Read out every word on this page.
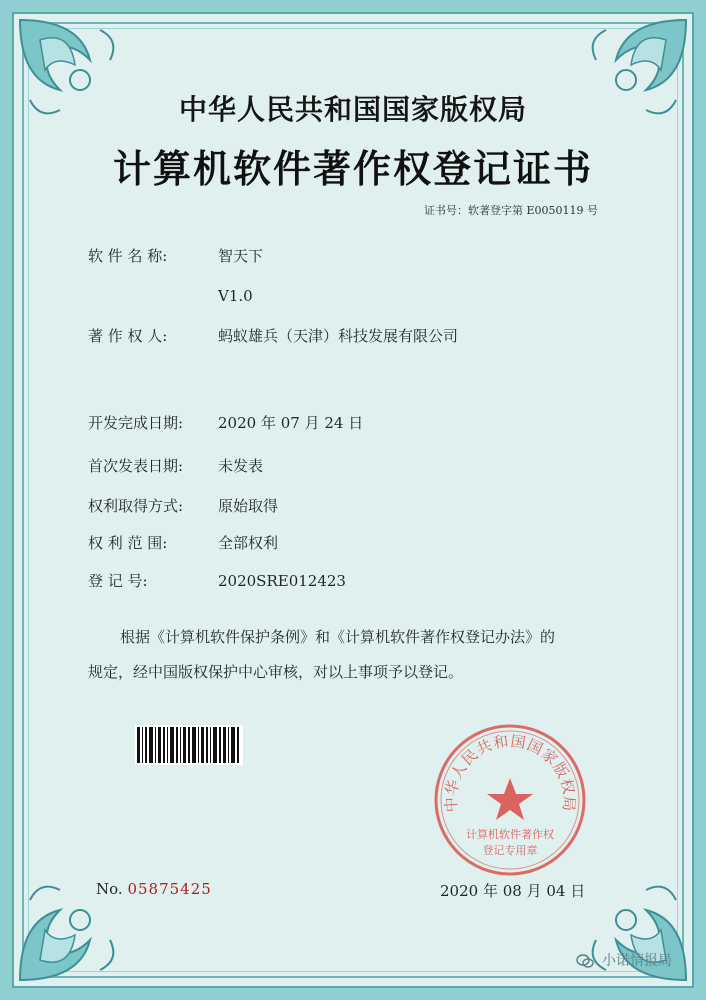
中华人民共和国国家版权局
计算机软件著作权登记证书
证书号：软著登字第 E0050119 号
软 件 名 称:	智天下
V1.0
著 作 权 人:	蚂蚁雄兵（天津）科技发展有限公司
开发完成日期: 2020 年 07 月 24 日
首次发表日期: 未发表
权利取得方式: 原始取得
权 利 范 围:	全部权利
登 记 号:	2020SRE012423
根据《计算机软件保护条例》和《计算机软件著作权登记办法》的
规定，经中国版权保护中心审核，对以上事项予以登记。
中华人民共和国国家版权局
计算机软件著作权
登记专用章
No. 05875425	2020 年 08 月 04 日
小诺情报局
